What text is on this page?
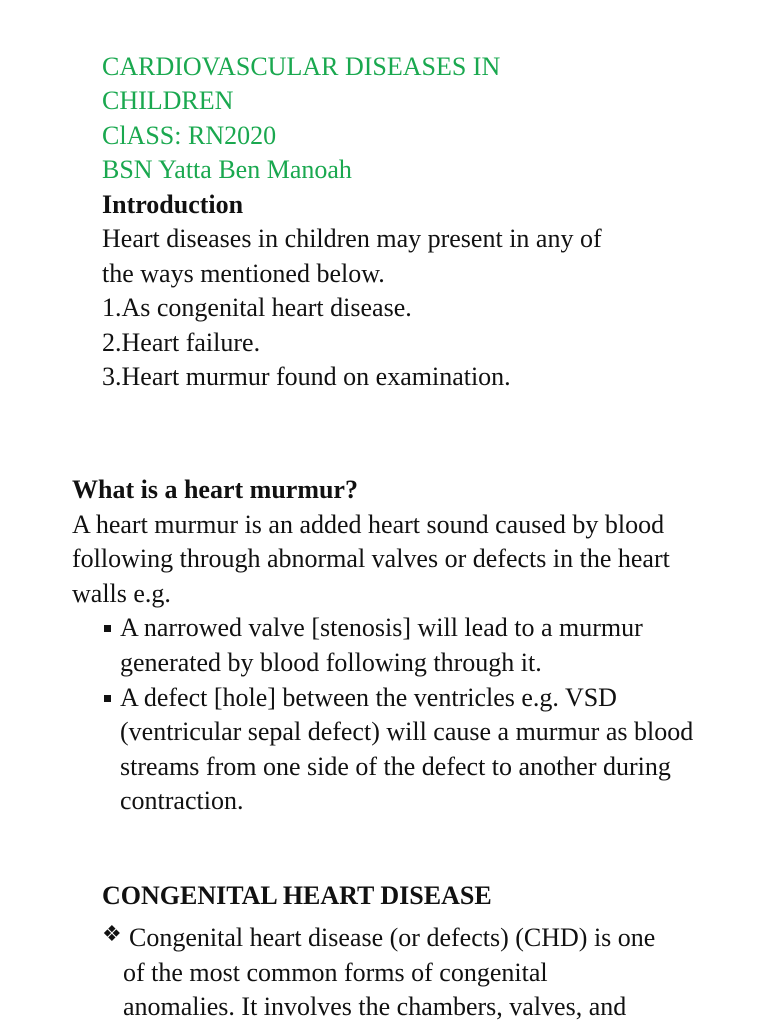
CARDIOVASCULAR DISEASES IN
CHILDREN
ClASS: RN2020
BSN Yatta Ben Manoah
Introduction
Heart diseases in children may present in any of
the ways mentioned below.
1.As congenital heart disease.
2.Heart failure.
3.Heart murmur found on examination.
What is a heart murmur?
A heart murmur is an added heart sound caused by blood
following through abnormal valves or defects in the heart
walls e.g.
A narrowed valve [stenosis] will lead to a murmur
generated by blood following through it.
A defect [hole] between the ventricles e.g. VSD
(ventricular sepal defect) will cause a murmur as blood
streams from one side of the defect to another during
contraction.
CONGENITAL HEART DISEASE
❖ Congenital heart disease (or defects) (CHD) is one
of the most common forms of congenital
anomalies. It involves the chambers, valves, and
